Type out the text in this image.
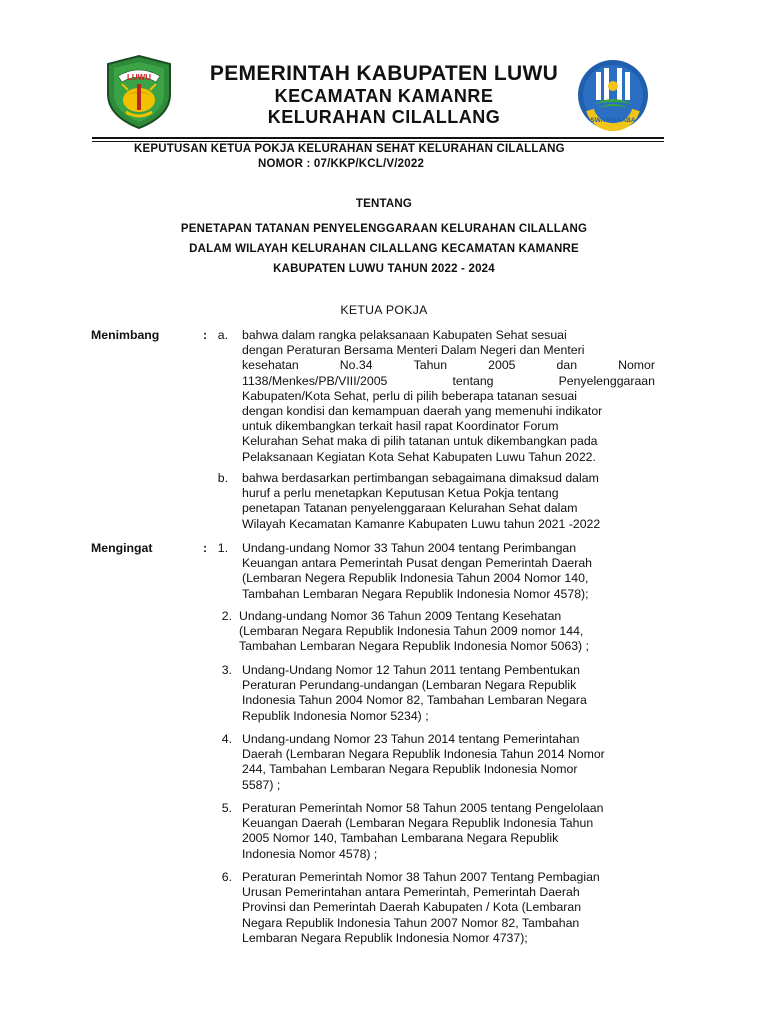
LUWU
SWASTI SABA
PEMERINTAH KABUPATEN LUWU
KECAMATAN KAMANRE
KELURAHAN CILALLANG
KEPUTUSAN KETUA POKJA KELURAHAN SEHAT KELURAHAN CILALLANG
NOMOR : 07/KKP/KCL/V/2022
TENTANG
PENETAPAN TATANAN PENYELENGGARAAN KELURAHAN CILALLANG
DALAM WILAYAH KELURAHAN CILALLANG KECAMATAN KAMANRE
KABUPATEN LUWU TAHUN 2022 - 2024
KETUA POKJA
Menimbang	: a. bahwa dalam rangka pelaksanaan Kabupaten Sehat sesuai
dengan Peraturan Bersama Menteri Dalam Negeri dan Menteri
kesehatan	No.34	Tahun	2005	dan	Nomor
1138/Menkes/PB/VIII/2005	tentang	Penyelenggaraan
Kabupaten/Kota Sehat, perlu di pilih beberapa tatanan sesuai
dengan kondisi dan kemampuan daerah yang memenuhi indikator
untuk dikembangkan terkait hasil rapat Koordinator Forum
Kelurahan Sehat maka di pilih tatanan untuk dikembangkan pada
Pelaksanaan Kegiatan Kota Sehat Kabupaten Luwu Tahun 2022.
b. bahwa berdasarkan pertimbangan sebagaimana dimaksud dalam
huruf a perlu menetapkan Keputusan Ketua Pokja tentang
penetapan Tatanan penyelenggaraan Kelurahan Sehat dalam
Wilayah Kecamatan Kamanre Kabupaten Luwu tahun 2021 -2022
Mengingat	: 1. Undang-undang Nomor 33 Tahun 2004 tentang Perimbangan
Keuangan antara Pemerintah Pusat dengan Pemerintah Daerah
(Lembaran Negera Republik Indonesia Tahun 2004 Nomor 140,
Tambahan Lembaran Negara Republik Indonesia Nomor 4578);
2. Undang-undang Nomor 36 Tahun 2009 Tentang Kesehatan
(Lembaran Negara Republik Indonesia Tahun 2009 nomor 144,
Tambahan Lembaran Negara Republik Indonesia Nomor 5063) ;
3. Undang-Undang Nomor 12 Tahun 2011 tentang Pembentukan
Peraturan Perundang-undangan (Lembaran Negara Republik
Indonesia Tahun 2004 Nomor 82, Tambahan Lembaran Negara
Republik Indonesia Nomor 5234) ;
4. Undang-undang Nomor 23 Tahun 2014 tentang Pemerintahan
Daerah (Lembaran Negara Republik Indonesia Tahun 2014 Nomor
244, Tambahan Lembaran Negara Republik Indonesia Nomor
5587) ;
5. Peraturan Pemerintah Nomor 58 Tahun 2005 tentang Pengelolaan
Keuangan Daerah (Lembaran Negara Republik Indonesia Tahun
2005 Nomor 140, Tambahan Lembarana Negara Republik
Indonesia Nomor 4578) ;
6. Peraturan Pemerintah Nomor 38 Tahun 2007 Tentang Pembagian
Urusan Pemerintahan antara Pemerintah, Pemerintah Daerah
Provinsi dan Pemerintah Daerah Kabupaten / Kota (Lembaran
Negara Republik Indonesia Tahun 2007 Nomor 82, Tambahan
Lembaran Negara Republik Indonesia Nomor 4737);
